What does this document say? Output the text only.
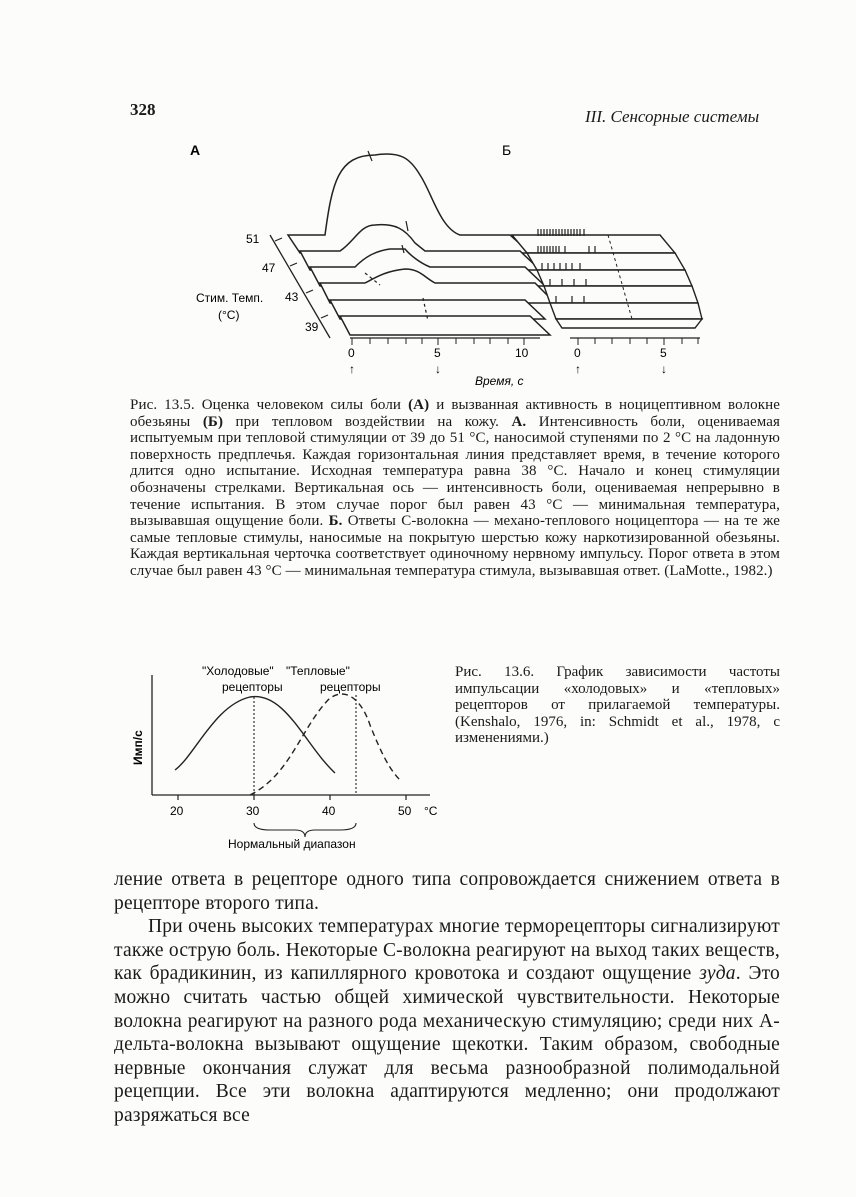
328	III. Сенсорные системы
А	Б
51
47
43
39
Стим. Темп.
(°С)
0	5	10
↑	↓
0	5
↑	↓
Время, с
Рис. 13.5. Оценка человеком силы боли (А) и вызванная активность в ноцицептивном волокне обезьяны (Б) при тепловом воздействии на кожу. А. Интенсивность боли, оцениваемая испытуемым при тепловой стимуляции от 39 до 51 °С, наносимой ступенями по 2 °С на ладонную поверхность предплечья. Каждая горизонтальная линия представляет время, в течение которого длится одно испытание. Исходная температура равна 38 °С. Начало и конец стимуляции обозначены стрелками. Вертикальная ось — интенсивность боли, оцениваемая непрерывно в течение испытания. В этом случае порог был равен 43 °С — минимальная температура, вызывавшая ощущение боли. Б. Ответы С-волокна — механо-теплового ноцицептора — на те же самые тепловые стимулы, наносимые на покрытую шерстью кожу наркотизированной обезьяны. Каждая вертикальная черточка соответствует одиночному нервному импульсу. Порог ответа в этом случае был равен 43 °С — минимальная температура стимула, вызывавшая ответ. (LaMotte., 1982.)
"Холодовые"
рецепторы
"Тепловые"
рецепторы
Имп/с
20	30	40	50 °С
Нормальный диапазон
Рис. 13.6. График зависимости частоты импульсации «холодовых» и «тепловых» рецепторов от прилагаемой температуры. (Kenshalo, 1976, in: Schmidt et al., 1978, с изменениями.)

ление ответа в рецепторе одного типа сопровождается снижением ответа в рецепторе второго типа.

При очень высоких температурах многие терморецепторы сигнализируют также острую боль. Некоторые С-волокна реагируют на выход таких веществ, как брадикинин, из капиллярного кровотока и создают ощущение зуда. Это можно считать частью общей химической чувствительности. Некоторые волокна реагируют на разного рода механическую стимуляцию; среди них А-дельта-волокна вызывают ощущение щекотки. Таким образом, свободные нервные окончания служат для весьма разнообразной полимодальной рецепции. Все эти волокна адаптируются медленно; они продолжают разряжаться все
